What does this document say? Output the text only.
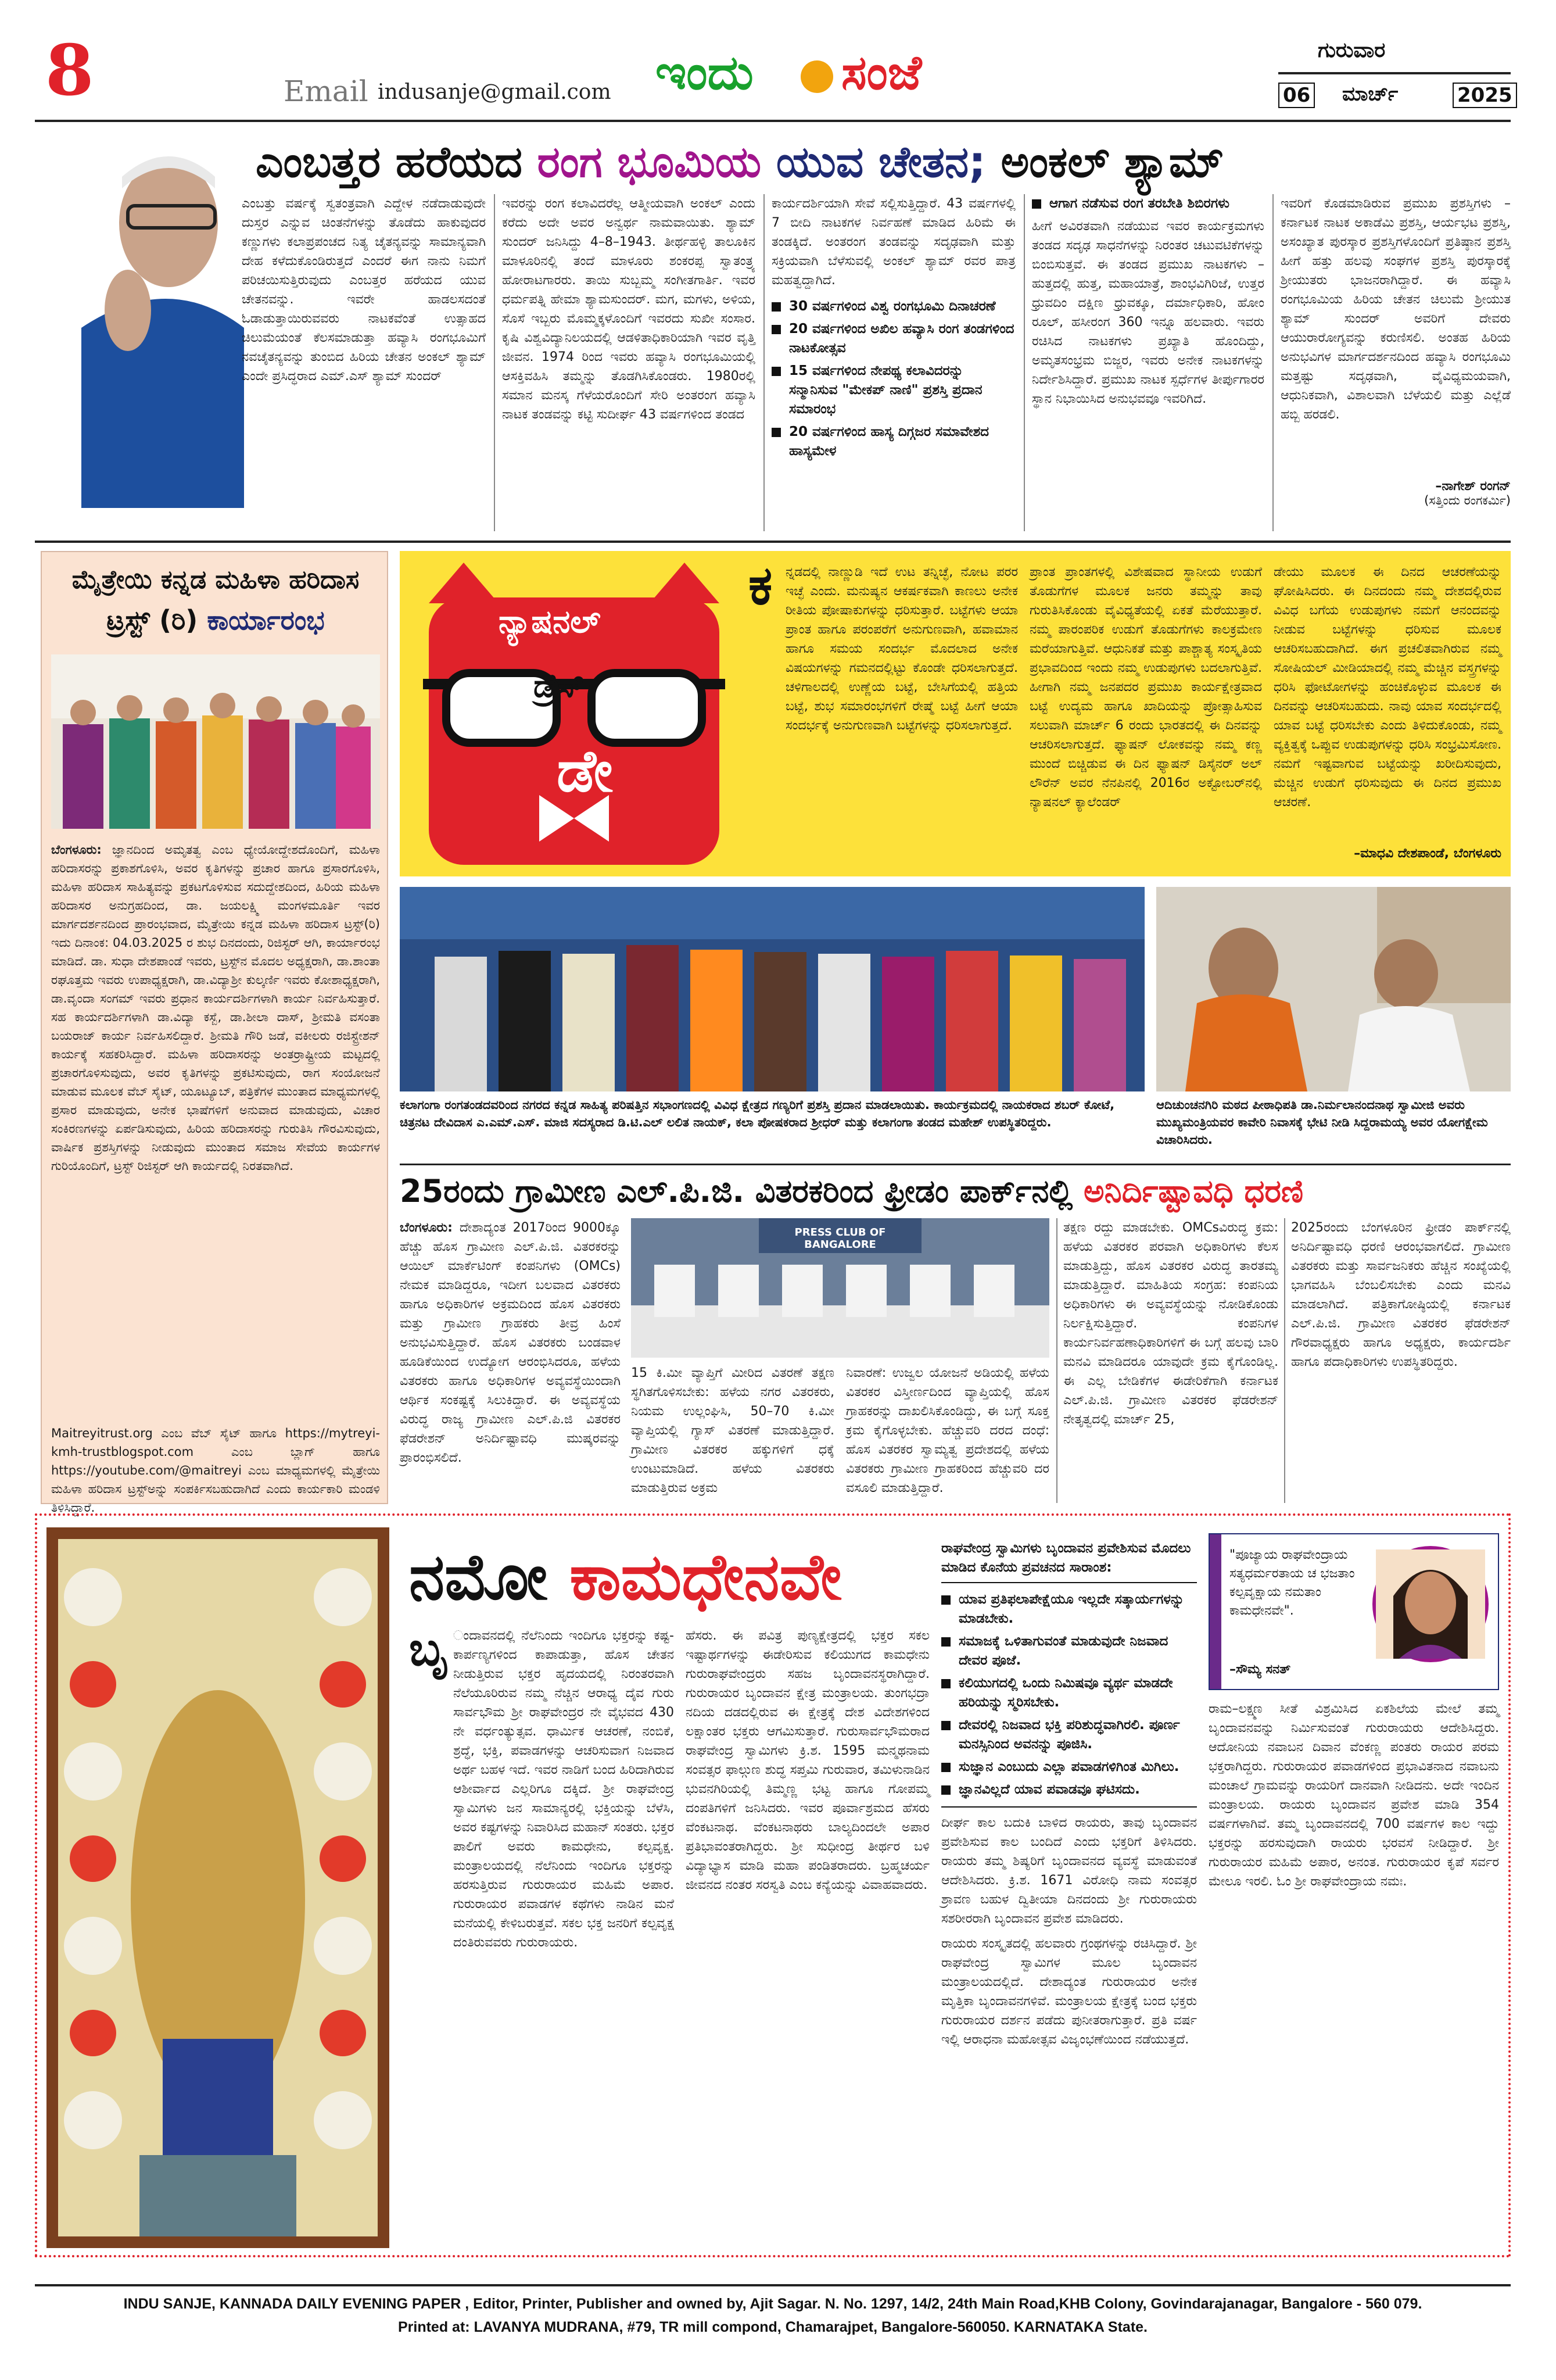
8	Email indusanje@gmail.com ಇಂದು ಸಂಜೆ	ಗುರುವಾರ
06 ಮಾರ್ಚ್	2025
ಎಂಬತ್ತರ ಹರೆಯದ ರಂಗ ಭೂಮಿಯ ಯುವ ಚೇತನ; ಅಂಕಲ್ ಶ್ಯಾಮ್
ಎಂಬತ್ತು ವರ್ಷಕ್ಕೆ ಸ್ವತಂತ್ರವಾಗಿ ಎದ್ದೇಳ ನಡೆದಾಡುವುದೇ ದುಸ್ತರ ಎನ್ನುವ ಚಿಂತನೆಗಳನ್ನು ತೊಡೆದು ಹಾಕುವುದರ ಕಣ್ಣುಗಳು ಕಲಾಪ್ರಪಂಚದ ನಿತ್ಯ ಚೈತನ್ಯವನ್ನು ಸಾಮಾನ್ಯವಾಗಿ ದೇಹ ಕಳೆದುಕೊಂಡಿರುತ್ತದೆ ಎಂದರೆ ಈಗ ನಾನು ನಿಮಗೆ ಪರಿಚಯಿಸುತ್ತಿರುವುದು ಎಂಬತ್ತರ ಹರೆಯದ ಯುವ ಚೇತನವನ್ನು. ಇವರೇ ಹಾಡಲಸದಂತೆ ಓಡಾಡುತ್ತಾಯಿರುವವರು ನಾಟಕವೆಂತೆ ಉತ್ಸಾಹದ ಚಿಲುಮೆಯಂತೆ ಕೆಲಸಮಾಡುತ್ತಾ ಹವ್ಯಾಸಿ ರಂಗಭೂಮಿಗೆ ನವಚೈತನ್ಯವನ್ನು ತುಂಬಿದ ಹಿರಿಯ ಚೇತನ ಅಂಕಲ್ ಶ್ಯಾಮ್ ಎಂದೇ ಪ್ರಸಿದ್ಧರಾದ ಎಮ್.ಎಸ್ ಶ್ಯಾಮ್ ಸುಂದರ್
ಇವರನ್ನು ರಂಗ ಕಲಾವಿದರೆಲ್ಲ ಆತ್ಮೀಯವಾಗಿ ಅಂಕಲ್ ಎಂದು ಕರೆದು ಅದೇ ಅವರ ಅನ್ವರ್ಥ ನಾಮವಾಯಿತು. ಶ್ಯಾಮ್ ಸುಂದರ್ ಜನಿಸಿದ್ದು 4–8–1943. ತೀರ್ಥಹಳ್ಳಿ ತಾಲೂಕಿನ ಮಾಳೂರಿನಲ್ಲಿ ತಂದೆ ಮಾಳೂರು ಶಂಕರಪ್ಪ ಸ್ವಾತಂತ್ರ್ಯ ಹೋರಾಟಗಾರರು. ತಾಯಿ ಸುಬ್ಬಮ್ಮ ಸಂಗೀತಗಾರ್ತಿ. ಇವರ ಧರ್ಮಪತ್ನಿ ಹೇಮಾ ಶ್ಯಾಮಸುಂದರ್. ಮಗ, ಮಗಳು, ಅಳಿಯ, ಸೊಸೆ ಇಬ್ಬರು ಮೊಮ್ಮಕ್ಕಳೊಂದಿಗೆ ಇವರದು ಸುಖೀ ಸಂಸಾರ. ಕೃಷಿ ವಿಶ್ವವಿದ್ಯಾನಿಲಯದಲ್ಲಿ ಆಡಳಿತಾಧಿಕಾರಿಯಾಗಿ ಇವರ ವೃತ್ತಿ ಜೀವನ. 1974 ರಿಂದ ಇವರು ಹವ್ಯಾಸಿ ರಂಗಭೂಮಿಯಲ್ಲಿ ಆಸಕ್ತಿವಹಿಸಿ ತಮ್ಮನ್ನು ತೊಡಗಿಸಿಕೊಂಡರು. 1980ರಲ್ಲಿ ಸಮಾನ ಮನಸ್ಕ ಗೆಳೆಯರೊಂದಿಗೆ ಸೇರಿ ಅಂತರಂಗ ಹವ್ಯಾಸಿ ನಾಟಕ ತಂಡವನ್ನು ಕಟ್ಟಿ ಸುದೀರ್ಘ 43 ವರ್ಷಗಳಿಂದ ತಂಡದ
ಕಾರ್ಯದರ್ಶಿಯಾಗಿ ಸೇವೆ ಸಲ್ಲಿಸುತ್ತಿದ್ದಾರೆ. 43 ವರ್ಷಗಳಲ್ಲಿ 7 ಬೀದಿ ನಾಟಕಗಳ ನಿರ್ವಹಣೆ ಮಾಡಿದ ಹಿರಿಮೆ ಈ ತಂಡಕ್ಕಿದೆ. ಅಂತರಂಗ ತಂಡವನ್ನು ಸದೃಢವಾಗಿ ಮತ್ತು ಸಕ್ರಿಯವಾಗಿ ಬೆಳೆಸುವಲ್ಲಿ ಅಂಕಲ್ ಶ್ಯಾಮ್ ರವರ ಪಾತ್ರ ಮಹತ್ವದ್ದಾಗಿದೆ.
30 ವರ್ಷಗಳಿಂದ ವಿಶ್ವ ರಂಗಭೂಮಿ ದಿನಾಚರಣೆ
20 ವರ್ಷಗಳಿಂದ ಅಖಿಲ ಹವ್ಯಾಸಿ ರಂಗ ತಂಡಗಳಿಂದ ನಾಟಕೋತ್ಸವ
15 ವರ್ಷಗಳಿಂದ ನೇಪಥ್ಯ ಕಲಾವಿದರನ್ನು ಸನ್ಮಾನಿಸುವ "ಮೇಕಪ್ ನಾಣಿ" ಪ್ರಶಸ್ತಿ ಪ್ರದಾನ ಸಮಾರಂಭ
20 ವರ್ಷಗಳಿಂದ ಹಾಸ್ಯ ದಿಗ್ಗಜರ ಸಮಾವೇಶದ ಹಾಸ್ಯಮೇಳ
ಆಗಾಗ ನಡೆಸುವ ರಂಗ ತರಬೇತಿ ಶಿಬಿರಗಳು
ಹೀಗೆ ಅವಿರತವಾಗಿ ನಡೆಯುವ ಇವರ ಕಾರ್ಯಕ್ರಮಗಳು ತಂಡದ ಸದೃಢ ಸಾಧನೆಗಳನ್ನು ನಿರಂತರ ಚಟುವಟಿಕೆಗಳನ್ನು ಬಿಂಬಿಸುತ್ತವೆ. ಈ ತಂಡದ ಪ್ರಮುಖ ನಾಟಕಗಳು – ಹುತ್ತದಲ್ಲಿ ಹುತ್ತ, ಮಹಾಯಾತ್ರೆ, ಶಾಂಭವಿಗಿರಿಜೆ, ಉತ್ತರ ಧ್ರುವದಿಂ ದಕ್ಷಿಣ ಧ್ರುವಕ್ಕೂ, ದರ್ಮಾಧಿಕಾರಿ, ಹೋಂ ರೂಲ್, ಹಸೀರಂಗ 360 ಇನ್ನೂ ಹಲವಾರು. ಇವರು ರಚಿಸಿದ ನಾಟಕಗಳು ಪ್ರಖ್ಯಾತಿ ಹೊಂದಿದ್ದು, ಅಮೃತಸಂಭ್ರಮ ಬಿಜ್ಜರ, ಇವರು ಅನೇಕ ನಾಟಕಗಳನ್ನು ನಿರ್ದೇಶಿಸಿದ್ದಾರೆ. ಪ್ರಮುಖ ನಾಟಕ ಸ್ಪರ್ಧೆಗಳ ತೀರ್ಪುಗಾರರ ಸ್ಥಾನ ನಿಭಾಯಿಸಿದ ಅನುಭವವೂ ಇವರಿಗಿದೆ.
ಇವರಿಗೆ ಕೊಡಮಾಡಿರುವ ಪ್ರಮುಖ ಪ್ರಶಸ್ತಿಗಳು – ಕರ್ನಾಟಕ ನಾಟಕ ಅಕಾಡೆಮಿ ಪ್ರಶಸ್ತಿ, ಆರ್ಯಭಟ ಪ್ರಶಸ್ತಿ, ಅಸಂಖ್ಯಾತ ಪುರಸ್ಕಾರ ಪ್ರಶಸ್ತಿಗಳೊಂದಿಗೆ ಪ್ರತಿಷ್ಠಾನ ಪ್ರಶಸ್ತಿ ಹೀಗೆ ಹತ್ತು ಹಲವು ಸಂಘಗಳ ಪ್ರಶಸ್ತಿ ಪುರಸ್ಕಾರಕ್ಕೆ ಶ್ರೀಯುತರು ಭಾಜನರಾಗಿದ್ದಾರೆ. ಈ ಹವ್ಯಾಸಿ ರಂಗಭೂಮಿಯ ಹಿರಿಯ ಚೇತನ ಚಿಲುಮೆ ಶ್ರೀಯುತ ಶ್ಯಾಮ್ ಸುಂದರ್ ಅವರಿಗೆ ದೇವರು ಆಯುರಾರೋಗ್ಯವನ್ನು ಕರುಣಿಸಲಿ. ಅಂತಹ ಹಿರಿಯ ಅನುಭವಿಗಳ ಮಾರ್ಗದರ್ಶನದಿಂದ ಹವ್ಯಾಸಿ ರಂಗಭೂಮಿ ಮತ್ತಷ್ಟು ಸದೃಢವಾಗಿ, ವೈವಿಧ್ಯಮಯವಾಗಿ, ಆಧುನಿಕವಾಗಿ, ವಿಶಾಲವಾಗಿ ಬೆಳೆಯಲಿ ಮತ್ತು ಎಲ್ಲೆಡೆ ಹಬ್ಬಿ ಹರಡಲಿ.
–ನಾಗೇಶ್ ರಂಗನ್
(ಸತ್ತಿಂದು ರಂಗಕರ್ಮಿ)
ಮೈತ್ರೇಯಿ ಕನ್ನಡ ಮಹಿಳಾ ಹರಿದಾಸ
ಟ್ರಸ್ಟ್ (ರಿ) ಕಾರ್ಯಾರಂಭ
ಬೆಂಗಳೂರು: ಜ್ಞಾನದಿಂದ ಅಮೃತತ್ವ ಎಂಬ ಧ್ಯೇಯೋದ್ದೇಶದೊಂದಿಗೆ, ಮಹಿಳಾ ಹರಿದಾಸರನ್ನು ಪ್ರಕಾಶಗೊಳಿಸಿ, ಅವರ ಕೃತಿಗಳನ್ನು ಪ್ರಚಾರ ಹಾಗೂ ಪ್ರಸಾರಗೊಳಿಸಿ, ಮಹಿಳಾ ಹರಿದಾಸ ಸಾಹಿತ್ಯವನ್ನು ಪ್ರಕಟಗೊಳಿಸುವ ಸದುದ್ದೇಶದಿಂದ, ಹಿರಿಯ ಮಹಿಳಾ ಹರಿದಾಸರ ಅನುಗ್ರಹದಿಂದ, ಡಾ. ಜಯಲಕ್ಷ್ಮಿ ಮಂಗಳಮೂರ್ತಿ ಇವರ ಮಾರ್ಗದರ್ಶನದಿಂದ ಪ್ರಾರಂಭವಾದ, ಮೈತ್ರೇಯಿ ಕನ್ನಡ ಮಹಿಳಾ ಹರಿದಾಸ ಟ್ರಸ್ಟ್(ರಿ) ಇದು ದಿನಾಂಕ: 04.03.2025 ರ ಶುಭ ದಿನದಂದು, ರಿಜಿಸ್ಟರ್ ಆಗಿ, ಕಾರ್ಯಾರಂಭ ಮಾಡಿದೆ. ಡಾ. ಸುಧಾ ದೇಶಪಾಂಡೆ ಇವರು, ಟ್ರಸ್ಟ್‌ನ ಮೊದಲ ಅಧ್ಯಕ್ಷರಾಗಿ, ಡಾ.ಶಾಂತಾ ರಘೂತ್ತಮ ಇವರು ಉಪಾಧ್ಯಕ್ಷರಾಗಿ, ಡಾ.ವಿದ್ಯಾಶ್ರೀ ಕುಲ್ಕರ್ಣಿ ಇವರು ಕೋಶಾಧ್ಯಕ್ಷರಾಗಿ, ಡಾ.ವೃಂದಾ ಸಂಗಮ್ ಇವರು ಪ್ರಧಾನ ಕಾರ್ಯದರ್ಶಿಗಳಾಗಿ ಕಾರ್ಯ ನಿರ್ವಹಿಸುತ್ತಾರೆ. ಸಹ ಕಾರ್ಯದರ್ಶಿಗಳಾಗಿ ಡಾ.ವಿದ್ಯಾ ಕಸ್ಬೆ, ಡಾ.ಶೀಲಾ ದಾಸ್, ಶ್ರೀಮತಿ ವಸಂತಾ ಬಯರಾಜ್ ಕಾರ್ಯ ನಿರ್ವಹಿಸಲಿದ್ದಾರೆ. ಶ್ರೀಮತಿ ಗೌರಿ ಜಡೆ, ವಕೀಲರು ರಜಿಸ್ಟ್ರೇಶನ್ ಕಾರ್ಯಕ್ಕೆ ಸಹಕರಿಸಿದ್ದಾರೆ. ಮಹಿಳಾ ಹರಿದಾಸರನ್ನು ಅಂತರ್ರಾಷ್ಟ್ರೀಯ ಮಟ್ಟದಲ್ಲಿ ಪ್ರಚಾರಗೊಳಿಸುವುದು, ಅವರ ಕೃತಿಗಳನ್ನು ಪ್ರಕಟಿಸುವುದು, ರಾಗ ಸಂಯೋಜನೆ ಮಾಡುವ ಮೂಲಕ ವೆಬ್ ಸೈಟ್, ಯೂಟ್ಯೂಬ್, ಪತ್ರಿಕೆಗಳ ಮುಂತಾದ ಮಾಧ್ಯಮಗಳಲ್ಲಿ ಪ್ರಸಾರ ಮಾಡುವುದು, ಅನೇಕ ಭಾಷೆಗಳಿಗೆ ಅನುವಾದ ಮಾಡುವುದು, ವಿಚಾರ ಸಂಕಿರಣಗಳನ್ನು ಏರ್ಪಡಿಸುವುದು, ಹಿರಿಯ ಹರಿದಾಸರನ್ನು ಗುರುತಿಸಿ ಗೌರವಿಸುವುದು, ವಾರ್ಷಿಕ ಪ್ರಶಸ್ತಿಗಳನ್ನು ನೀಡುವುದು ಮುಂತಾದ ಸಮಾಜ ಸೇವೆಯ ಕಾರ್ಯಗಳ ಗುರಿಯೊಂದಿಗೆ, ಟ್ರಸ್ಟ್ ರಿಜಿಸ್ಟರ್ ಆಗಿ ಕಾರ್ಯದಲ್ಲಿ ನಿರತವಾಗಿದೆ.
Maitreyitrust.org ಎಂಬ ವೆಬ್ ಸೈಟ್ ಹಾಗೂ https://mytreyi-kmh-trustblogspot.com ಎಂಬ ಬ್ಲಾಗ್ ಹಾಗೂ https://youtube.com/@maitreyi ಎಂಬ ಮಾಧ್ಯಮಗಳಲ್ಲಿ ಮೈತ್ರೇಯಿ ಮಹಿಳಾ ಹರಿದಾಸ ಟ್ರಸ್ಟ್‌ಅನ್ನು ಸಂಪರ್ಕಿಸಬಹುದಾಗಿದೆ ಎಂದು ಕಾರ್ಯಕಾರಿ ಮಂಡಳಿ ತಿಳಿಸಿದ್ದಾರೆ.
ನ್ಯಾಷನಲ್
ಡ್ರೆಸ್
ಡೇ
ಕ ನ್ನಡದಲ್ಲಿ ನಾಣ್ಣುಡಿ ಇದೆ ಉಟ ತನ್ನಿಚ್ಛೆ, ನೋಟ ಪರರ ಇಚ್ಛೆ ಎಂದು. ಮನುಷ್ಯನ ಆಕರ್ಷಕವಾಗಿ ಕಾಣಲು ಅನೇಕ ರೀತಿಯ ಪೋಷಾಕುಗಳನ್ನು ಧರಿಸುತ್ತಾರೆ. ಬಟ್ಟೆಗಳು ಆಯಾ ಪ್ರಾಂತ ಹಾಗೂ ಪರಂಪರೆಗೆ ಅನುಗುಣವಾಗಿ, ಹವಾಮಾನ ಹಾಗೂ ಸಮಯ ಸಂದರ್ಭ ಮೊದಲಾದ ಅನೇಕ ವಿಷಯಗಳನ್ನು ಗಮನದಲ್ಲಿಟ್ಟು ಕೊಂಡೇ ಧರಿಸಲಾಗುತ್ತದೆ. ಚಳಿಗಾಲದಲ್ಲಿ ಉಣ್ಣೆಯ ಬಟ್ಟೆ, ಬೇಸಿಗೆಯಲ್ಲಿ ಹತ್ತಿಯ ಬಟ್ಟೆ, ಶುಭ ಸಮಾರಂಭಗಳಿಗೆ ರೇಷ್ಮೆ ಬಟ್ಟೆ ಹೀಗೆ ಆಯಾ ಸಂದರ್ಭಕ್ಕೆ ಅನುಗುಣವಾಗಿ ಬಟ್ಟೆಗಳನ್ನು ಧರಿಸಲಾಗುತ್ತದೆ.
ಪ್ರಾಂತ ಪ್ರಾಂತಗಳಲ್ಲಿ ವಿಶೇಷವಾದ ಸ್ಥಾನೀಯ ಉಡುಗೆ ತೊಡುಗೆಗಳ ಮೂಲಕ ಜನರು ತಮ್ಮನ್ನು ತಾವು ಗುರುತಿಸಿಕೊಂಡು ವೈವಿಧ್ಯತೆಯಲ್ಲಿ ಏಕತೆ ಮೆರೆಯುತ್ತಾರೆ. ನಮ್ಮ ಪಾರಂಪರಿಕ ಉಡುಗೆ ತೊಡುಗೆಗಳು ಕಾಲಕ್ರಮೇಣ ಮರೆಯಾಗುತ್ತಿವೆ. ಆಧುನಿಕತೆ ಮತ್ತು ಪಾಶ್ಚಾತ್ಯ ಸಂಸ್ಕೃತಿಯ ಪ್ರಭಾವದಿಂದ ಇಂದು ನಮ್ಮ ಉಡುಪುಗಳು ಬದಲಾಗುತ್ತಿವೆ. ಹೀಗಾಗಿ ನಮ್ಮ ಜನಪದರ ಪ್ರಮುಖ ಕಾರ್ಯಕ್ಷೇತ್ರವಾದ ಬಟ್ಟೆ ಉದ್ಯಮ ಹಾಗೂ ಖಾದಿಯನ್ನು ಪ್ರೋತ್ಸಾಹಿಸುವ ಸಲುವಾಗಿ ಮಾರ್ಚ್ 6 ರಂದು ಭಾರತದಲ್ಲಿ ಈ ದಿನವನ್ನು ಆಚರಿಸಲಾಗುತ್ತದೆ. ಫ್ಯಾಷನ್ ಲೋಕವನ್ನು ನಮ್ಮ ಕಣ್ಣ ಮುಂದೆ ಬಿಚ್ಚಿಡುವ ಈ ದಿನ ಫ್ಯಾಷನ್ ಡಿಸೈನರ್ ಅಲ್ ಲೌರೆನ್ ಅವರ ನೆನಪಿನಲ್ಲಿ 2016ರ ಅಕ್ಟೋಬರ್‌ನಲ್ಲಿ ನ್ಯಾಷನಲ್ ಕ್ಯಾಲೆಂಡರ್
ಡೇಯು ಮೂಲಕ ಈ ದಿನದ ಆಚರಣೆಯನ್ನು ಘೋಷಿಸಿದರು. ಈ ದಿನದಂದು ನಮ್ಮ ದೇಶದಲ್ಲಿರುವ ವಿವಿಧ ಬಗೆಯ ಉಡುಪುಗಳು ನಮಗೆ ಆನಂದವನ್ನು ನೀಡುವ ಬಟ್ಟೆಗಳನ್ನು ಧರಿಸುವ ಮೂಲಕ ಆಚರಿಸಬಹುದಾಗಿದೆ. ಈಗ ಪ್ರಚಲಿತವಾಗಿರುವ ನಮ್ಮ ಸೋಷಿಯಲ್ ಮೀಡಿಯಾದಲ್ಲಿ ನಮ್ಮ ಮೆಚ್ಚಿನ ವಸ್ತ್ರಗಳನ್ನು ಧರಿಸಿ ಫೋಟೋಗಳನ್ನು ಹಂಚಿಕೊಳ್ಳುವ ಮೂಲಕ ಈ ದಿನವನ್ನು ಆಚರಿಸಬಹುದು. ನಾವು ಯಾವ ಸಂದರ್ಭದಲ್ಲಿ ಯಾವ ಬಟ್ಟೆ ಧರಿಸಬೇಕು ಎಂದು ತಿಳಿದುಕೊಂಡು, ನಮ್ಮ ವ್ಯಕ್ತಿತ್ವಕ್ಕೆ ಒಪ್ಪುವ ಉಡುಪುಗಳನ್ನು ಧರಿಸಿ ಸಂಭ್ರಮಿಸೋಣ. ನಮಗೆ ಇಷ್ಟವಾಗುವ ಬಟ್ಟೆಯನ್ನು ಖರೀದಿಸುವುದು, ಮೆಚ್ಚಿನ ಉಡುಗೆ ಧರಿಸುವುದು ಈ ದಿನದ ಪ್ರಮುಖ ಆಚರಣೆ.
–ಮಾಧವಿ ದೇಶಪಾಂಡೆ, ಬೆಂಗಳೂರು
ಕಲಾಗಂಗಾ ರಂಗತಂಡದವರಿಂದ ನಗರದ ಕನ್ನಡ ಸಾಹಿತ್ಯ ಪರಿಷತ್ತಿನ ಸಭಾಂಗಣದಲ್ಲಿ ವಿವಿಧ ಕ್ಷೇತ್ರದ ಗಣ್ಯರಿಗೆ ಪ್ರಶಸ್ತಿ ಪ್ರದಾನ ಮಾಡಲಾಯಿತು. ಕಾರ್ಯಕ್ರಮದಲ್ಲಿ ನಾಯಕರಾದ ಶಬರ್ ಕೋಟೆ, ಚಿತ್ರನಟ ದೇವಿದಾಸ ಎ.ಎಮ್.ಎಸ್. ಮಾಜಿ ಸದಸ್ಯರಾದ ಡಿ.ಟಿ.ಎಲ್ ಲಲಿತ ನಾಯಕ್, ಕಲಾ ಪೋಷಕರಾದ ಶ್ರೀಧರ್ ಮತ್ತು ಕಲಾಗಂಗಾ ತಂಡದ ಮಹೇಶ್ ಉಪಸ್ಥಿತರಿದ್ದರು.
ಆದಿಚುಂಚನಗಿರಿ ಮಠದ ಪೀಠಾಧಿಪತಿ ಡಾ.ನಿರ್ಮಲಾನಂದನಾಥ ಸ್ವಾಮೀಜಿ ಅವರು ಮುಖ್ಯಮಂತ್ರಿಯವರ ಕಾವೇರಿ ನಿವಾಸಕ್ಕೆ ಭೇಟಿ ನೀಡಿ ಸಿದ್ದರಾಮಯ್ಯ ಅವರ ಯೋಗಕ್ಷೇಮ ವಿಚಾರಿಸಿದರು.
25ರಂದು ಗ್ರಾಮೀಣ ಎಲ್.ಪಿ.ಜಿ. ವಿತರಕರಿಂದ ಫ್ರೀಡಂ ಪಾರ್ಕ್‌ನಲ್ಲಿ ಅನಿರ್ದಿಷ್ಟಾವಧಿ ಧರಣಿ
ಬೆಂಗಳೂರು: ದೇಶಾದ್ಯಂತ 2017ರಿಂದ 9000ಕ್ಕೂ ಹೆಚ್ಚು ಹೊಸ ಗ್ರಾಮೀಣ ಎಲ್.ಪಿ.ಜಿ. ವಿತರಕರನ್ನು ಆಯಿಲ್ ಮಾರ್ಕೆಟಿಂಗ್ ಕಂಪನಿಗಳು (OMCs) ನೇಮಕ ಮಾಡಿದ್ದರೂ, ಇದೀಗ ಬಲವಾದ ವಿತರಕರು ಹಾಗೂ ಅಧಿಕಾರಿಗಳ ಅಕ್ರಮದಿಂದ ಹೊಸ ವಿತರಕರು ಮತ್ತು ಗ್ರಾಮೀಣ ಗ್ರಾಹಕರು ತೀವ್ರ ಹಿಂಸೆ ಅನುಭವಿಸುತ್ತಿದ್ದಾರೆ. ಹೊಸ ವಿತರಕರು ಬಂಡವಾಳ ಹೂಡಿಕೆಯಿಂದ ಉದ್ಯೋಗ ಆರಂಭಿಸಿದರೂ, ಹಳೆಯ ವಿತರಕರು ಹಾಗೂ ಅಧಿಕಾರಿಗಳ ಅವ್ಯವಸ್ಥೆಯಿಂದಾಗಿ ಆರ್ಥಿಕ ಸಂಕಷ್ಟಕ್ಕೆ ಸಿಲುಕಿದ್ದಾರೆ. ಈ ಅವ್ಯವಸ್ಥೆಯ ವಿರುದ್ಧ ರಾಜ್ಯ ಗ್ರಾಮೀಣ ಎಲ್.ಪಿ.ಜಿ ವಿತರಕರ ಫೆಡರೇಶನ್ ಅನಿರ್ದಿಷ್ಟಾವಧಿ ಮುಷ್ಕರವನ್ನು ಪ್ರಾರಂಭಿಸಲಿದೆ.
PRESS CLUB OF BANGALORE
15 ಕಿ.ಮೀ ವ್ಯಾಪ್ತಿಗೆ ಮೀರಿದ ವಿತರಣೆ ತಕ್ಷಣ ಸ್ಥಗಿತಗೊಳಿಸಬೇಕು: ಹಳೆಯ ನಗರ ವಿತರಕರು, ನಿಯಮ ಉಲ್ಲಂಘಿಸಿ, 50–70 ಕಿ.ಮೀ ವ್ಯಾಪ್ತಿಯಲ್ಲಿ ಗ್ಯಾಸ್ ವಿತರಣೆ ಮಾಡುತ್ತಿದ್ದಾರೆ. ಗ್ರಾಮೀಣ ವಿತರಕರ ಹಕ್ಕುಗಳಿಗೆ ಧಕ್ಕೆ ಉಂಟುಮಾಡಿದೆ. ಹಳೆಯ ವಿತರಕರು ಮಾಡುತ್ತಿರುವ ಅಕ್ರಮ
ನಿವಾರಣೆ: ಉಜ್ವಲ ಯೋಜನೆ ಅಡಿಯಲ್ಲಿ ಹಳೆಯ ವಿತರಕರ ವಿಸ್ತೀರ್ಣದಿಂದ ವ್ಯಾಪ್ತಿಯಲ್ಲಿ ಹೊಸ ಗ್ರಾಹಕರನ್ನು ದಾಖಲಿಸಿಕೊಂಡಿದ್ದು, ಈ ಬಗ್ಗೆ ಸೂಕ್ತ ಕ್ರಮ ಕೈಗೊಳ್ಳಬೇಕು. ಹೆಚ್ಚುವರಿ ದರದ ದಂಧೆ: ಹೊಸ ವಿತರಕರ ಸ್ವಾಮ್ಯತ್ವ ಪ್ರದೇಶದಲ್ಲಿ ಹಳೆಯ ವಿತರಕರು ಗ್ರಾಮೀಣ ಗ್ರಾಹಕರಿಂದ ಹೆಚ್ಚುವರಿ ದರ ವಸೂಲಿ ಮಾಡುತ್ತಿದ್ದಾರೆ.
ತಕ್ಷಣ ರದ್ದು ಮಾಡಬೇಕು. OMCsವಿರುದ್ಧ ಕ್ರಮ: ಹಳೆಯ ವಿತರಕರ ಪರವಾಗಿ ಅಧಿಕಾರಿಗಳು ಕೆಲಸ ಮಾಡುತ್ತಿದ್ದು, ಹೊಸ ವಿತರಕರ ವಿರುದ್ಧ ತಾರತಮ್ಯ ಮಾಡುತ್ತಿದ್ದಾರೆ. ಮಾಹಿತಿಯ ಸಂಗ್ರಹ: ಕಂಪನಿಯ ಅಧಿಕಾರಿಗಳು ಈ ಅವ್ಯವಸ್ಥೆಯನ್ನು ನೋಡಿಕೊಂಡು ನಿರ್ಲಕ್ಷಿಸುತ್ತಿದ್ದಾರೆ. ಕಂಪನಿಗಳ ಕಾರ್ಯನಿರ್ವಹಣಾಧಿಕಾರಿಗಳಿಗೆ ಈ ಬಗ್ಗೆ ಹಲವು ಬಾರಿ ಮನವಿ ಮಾಡಿದರೂ ಯಾವುದೇ ಕ್ರಮ ಕೈಗೊಂಡಿಲ್ಲ. ಈ ಎಲ್ಲ ಬೇಡಿಕೆಗಳ ಈಡೇರಿಕೆಗಾಗಿ ಕರ್ನಾಟಕ ಎಲ್.ಪಿ.ಜಿ. ಗ್ರಾಮೀಣ ವಿತರಕರ ಫೆಡರೇಶನ್ ನೇತೃತ್ವದಲ್ಲಿ ಮಾರ್ಚ್ 25,
2025ರಂದು ಬೆಂಗಳೂರಿನ ಫ್ರೀಡಂ ಪಾರ್ಕ್‌ನಲ್ಲಿ ಅನಿರ್ದಿಷ್ಟಾವಧಿ ಧರಣಿ ಆರಂಭವಾಗಲಿದೆ. ಗ್ರಾಮೀಣ ವಿತರಕರು ಮತ್ತು ಸಾರ್ವಜನಿಕರು ಹೆಚ್ಚಿನ ಸಂಖ್ಯೆಯಲ್ಲಿ ಭಾಗವಹಿಸಿ ಬೆಂಬಲಿಸಬೇಕು ಎಂದು ಮನವಿ ಮಾಡಲಾಗಿದೆ. ಪತ್ರಿಕಾಗೋಷ್ಠಿಯಲ್ಲಿ ಕರ್ನಾಟಕ ಎಲ್.ಪಿ.ಜಿ. ಗ್ರಾಮೀಣ ವಿತರಕರ ಫೆಡರೇಶನ್ ಗೌರವಾಧ್ಯಕ್ಷರು ಹಾಗೂ ಅಧ್ಯಕ್ಷರು, ಕಾರ್ಯದರ್ಶಿ ಹಾಗೂ ಪದಾಧಿಕಾರಿಗಳು ಉಪಸ್ಥಿತರಿದ್ದರು.
ನಮೋ ಕಾಮಧೇನವೇ
ಬೃ ಂದಾವನದಲ್ಲಿ ನೆಲೆನಿಂದು ಇಂದಿಗೂ ಭಕ್ತರನ್ನು ಕಷ್ಟ-ಕಾರ್ಪಣ್ಯಗಳಿಂದ ಕಾಪಾಡುತ್ತಾ, ಹೊಸ ಚೇತನ ನೀಡುತ್ತಿರುವ ಭಕ್ತರ ಹೃದಯದಲ್ಲಿ ನಿರಂತರವಾಗಿ ನೆಲೆಯೂರಿರುವ ನಮ್ಮ ನೆಚ್ಚಿನ ಆರಾಧ್ಯ ದೈವ ಗುರು ಸಾರ್ವಭೌಮ ಶ್ರೀ ರಾಘವೇಂದ್ರರ ನೇ ವೈಭವದ 430 ನೇ ವರ್ಧಂತ್ಯುತ್ಸವ. ಧಾರ್ಮಿಕ ಆಚರಣೆ, ನಂಬಿಕೆ, ಶ್ರದ್ಧೆ, ಭಕ್ತಿ, ಪವಾಡಗಳನ್ನು ಆಚರಿಸುವಾಗ ನಿಜವಾದ ಅರ್ಥ ಬಹಳ ಇದೆ. ಇವರ ನಾಡಿಗೆ ಬಂದ ಹಿರಿದಾಗಿರುವ ಆಶೀರ್ವಾದ ಎಲ್ಲರಿಗೂ ದಕ್ಕಿದೆ. ಶ್ರೀ ರಾಘವೇಂದ್ರ ಸ್ವಾಮಿಗಳು ಜನ ಸಾಮಾನ್ಯರಲ್ಲಿ ಭಕ್ತಿಯನ್ನು ಬೆಳೆಸಿ, ಅವರ ಕಷ್ಟಗಳನ್ನು ನಿವಾರಿಸಿದ ಮಹಾನ್ ಸಂತರು. ಭಕ್ತರ ಪಾಲಿಗೆ ಅವರು ಕಾಮಧೇನು, ಕಲ್ಪವೃಕ್ಷ. ಮಂತ್ರಾಲಯದಲ್ಲಿ ನೆಲೆನಿಂದು ಇಂದಿಗೂ ಭಕ್ತರನ್ನು ಹರಸುತ್ತಿರುವ ಗುರುರಾಯರ ಮಹಿಮೆ ಅಪಾರ. ಗುರುರಾಯರ ಪವಾಡಗಳ ಕಥೆಗಳು ನಾಡಿನ ಮನೆ ಮನೆಯಲ್ಲಿ ಕೇಳಿಬರುತ್ತವೆ. ಸಕಲ ಭಕ್ತ ಜನರಿಗೆ ಕಲ್ಪವೃಕ್ಷ ದಂತಿರುವವರು ಗುರುರಾಯರು.
ಹೆಸರು. ಈ ಪವಿತ್ರ ಪುಣ್ಯಕ್ಷೇತ್ರದಲ್ಲಿ ಭಕ್ತರ ಸಕಲ ಇಷ್ಟಾರ್ಥಗಳನ್ನು ಈಡೇರಿಸುವ ಕಲಿಯುಗದ ಕಾಮಧೇನು ಗುರುರಾಘವೇಂದ್ರರು ಸಹಜ ಬೃಂದಾವನಸ್ಥರಾಗಿದ್ದಾರೆ. ಗುರುರಾಯರ ಬೃಂದಾವನ ಕ್ಷೇತ್ರ ಮಂತ್ರಾಲಯ. ತುಂಗಭದ್ರಾ ನದಿಯ ದಡದಲ್ಲಿರುವ ಈ ಕ್ಷೇತ್ರಕ್ಕೆ ದೇಶ ವಿದೇಶಗಳಿಂದ ಲಕ್ಷಾಂತರ ಭಕ್ತರು ಆಗಮಿಸುತ್ತಾರೆ. ಗುರುಸಾರ್ವಭೌಮರಾದ ರಾಘವೇಂದ್ರ ಸ್ವಾಮಿಗಳು ಕ್ರಿ.ಶ. 1595 ಮನ್ಮಥನಾಮ ಸಂವತ್ಸರ ಫಾಲ್ಗುಣ ಶುದ್ಧ ಸಪ್ತಮಿ ಗುರುವಾರ, ತಮಿಳುನಾಡಿನ ಭುವನಗಿರಿಯಲ್ಲಿ ತಿಮ್ಮಣ್ಣ ಭಟ್ಟ ಹಾಗೂ ಗೋಪಮ್ಮ ದಂಪತಿಗಳಿಗೆ ಜನಿಸಿದರು. ಇವರ ಪೂರ್ವಾಶ್ರಮದ ಹೆಸರು ವೆಂಕಟನಾಥ. ವೆಂಕಟನಾಥರು ಬಾಲ್ಯದಿಂದಲೇ ಅಪಾರ ಪ್ರತಿಭಾವಂತರಾಗಿದ್ದರು. ಶ್ರೀ ಸುಧೀಂದ್ರ ತೀರ್ಥರ ಬಳಿ ವಿದ್ಯಾಭ್ಯಾಸ ಮಾಡಿ ಮಹಾ ಪಂಡಿತರಾದರು. ಬ್ರಹ್ಮಚರ್ಯ ಜೀವನದ ನಂತರ ಸರಸ್ವತಿ ಎಂಬ ಕನ್ಯೆಯನ್ನು ವಿವಾಹವಾದರು.
ರಾಘವೇಂದ್ರ ಸ್ವಾಮಿಗಳು ಬೃಂದಾವನ ಪ್ರವೇಶಿಸುವ ಮೊದಲು ಮಾಡಿದ ಕೊನೆಯ ಪ್ರವಚನದ ಸಾರಾಂಶ:
ಯಾವ ಪ್ರತಿಫಲಾಪೇಕ್ಷೆಯೂ ಇಲ್ಲದೇ ಸತ್ಕಾರ್ಯಗಳನ್ನು ಮಾಡಬೇಕು.
ಸಮಾಜಕ್ಕೆ ಒಳಿತಾಗುವಂತೆ ಮಾಡುವುದೇ ನಿಜವಾದ ದೇವರ ಪೂಜೆ.
ಕಲಿಯುಗದಲ್ಲಿ ಒಂದು ನಿಮಿಷವೂ ವ್ಯರ್ಥ ಮಾಡದೇ ಹರಿಯನ್ನು ಸ್ಮರಿಸಬೇಕು.
ದೇವರಲ್ಲಿ ನಿಜವಾದ ಭಕ್ತಿ ಪರಿಶುದ್ಧವಾಗಿರಲಿ. ಪೂರ್ಣ ಮನಸ್ಸಿನಿಂದ ಅವನನ್ನು ಪೂಜಿಸಿ.
ಸುಜ್ಞಾನ ಎಂಬುದು ಎಲ್ಲಾ ಪವಾಡಗಳಿಗಿಂತ ಮಿಗಿಲು.
ಜ್ಞಾನವಿಲ್ಲದೆ ಯಾವ ಪವಾಡವೂ ಘಟಿಸದು.
ದೀರ್ಘ ಕಾಲ ಬದುಕಿ ಬಾಳಿದ ರಾಯರು, ತಾವು ಬೃಂದಾವನ ಪ್ರವೇಶಿಸುವ ಕಾಲ ಬಂದಿದೆ ಎಂದು ಭಕ್ತರಿಗೆ ತಿಳಿಸಿದರು. ರಾಯರು ತಮ್ಮ ಶಿಷ್ಯರಿಗೆ ಬೃಂದಾವನದ ವ್ಯವಸ್ಥೆ ಮಾಡುವಂತೆ ಆದೇಶಿಸಿದರು. ಕ್ರಿ.ಶ. 1671 ವಿರೋಧಿ ನಾಮ ಸಂವತ್ಸರ ಶ್ರಾವಣ ಬಹುಳ ದ್ವಿತೀಯಾ ದಿನದಂದು ಶ್ರೀ ಗುರುರಾಯರು ಸಶರೀರರಾಗಿ ಬೃಂದಾವನ ಪ್ರವೇಶ ಮಾಡಿದರು.
ರಾಯರು ಸಂಸ್ಕೃತದಲ್ಲಿ ಹಲವಾರು ಗ್ರಂಥಗಳನ್ನು ರಚಿಸಿದ್ದಾರೆ. ಶ್ರೀ ರಾಘವೇಂದ್ರ ಸ್ವಾಮಿಗಳ ಮೂಲ ಬೃಂದಾವನ ಮಂತ್ರಾಲಯದಲ್ಲಿದೆ. ದೇಶಾದ್ಯಂತ ಗುರುರಾಯರ ಅನೇಕ ಮೃತ್ತಿಕಾ ಬೃಂದಾವನಗಳಿವೆ. ಮಂತ್ರಾಲಯ ಕ್ಷೇತ್ರಕ್ಕೆ ಬಂದ ಭಕ್ತರು ಗುರುರಾಯರ ದರ್ಶನ ಪಡೆದು ಪುನೀತರಾಗುತ್ತಾರೆ. ಪ್ರತಿ ವರ್ಷ ಇಲ್ಲಿ ಆರಾಧನಾ ಮಹೋತ್ಸವ ವಿಜೃಂಭಣೆಯಿಂದ ನಡೆಯುತ್ತದೆ.
"ಪೂಜ್ಯಾಯ ರಾಘವೇಂದ್ರಾಯ ಸತ್ಯಧರ್ಮರತಾಯ ಚ ಭಜತಾಂ ಕಲ್ಪವೃಕ್ಷಾಯ ನಮತಾಂ ಕಾಮಧೇನವೇ".
–ಸೌಮ್ಯ ಸನತ್
ರಾಮ–ಲಕ್ಷ್ಮಣ ಸೀತೆ ವಿಶ್ರಮಿಸಿದ ಏಕಶಿಲೆಯ ಮೇಲೆ ತಮ್ಮ ಬೃಂದಾವನವನ್ನು ನಿರ್ಮಿಸುವಂತೆ ಗುರುರಾಯರು ಆದೇಶಿಸಿದ್ದರು. ಆದೋನಿಯ ನವಾಬನ ದಿವಾನ ವೆಂಕಣ್ಣ ಪಂತರು ರಾಯರ ಪರಮ ಭಕ್ತರಾಗಿದ್ದರು. ಗುರುರಾಯರ ಪವಾಡಗಳಿಂದ ಪ್ರಭಾವಿತನಾದ ನವಾಬನು ಮಂಚಾಲೆ ಗ್ರಾಮವನ್ನು ರಾಯರಿಗೆ ದಾನವಾಗಿ ನೀಡಿದನು. ಅದೇ ಇಂದಿನ ಮಂತ್ರಾಲಯ. ರಾಯರು ಬೃಂದಾವನ ಪ್ರವೇಶ ಮಾಡಿ 354 ವರ್ಷಗಳಾಗಿವೆ. ತಮ್ಮ ಬೃಂದಾವನದಲ್ಲಿ 700 ವರ್ಷಗಳ ಕಾಲ ಇದ್ದು ಭಕ್ತರನ್ನು ಹರಸುವುದಾಗಿ ರಾಯರು ಭರವಸೆ ನೀಡಿದ್ದಾರೆ. ಶ್ರೀ ಗುರುರಾಯರ ಮಹಿಮೆ ಅಪಾರ, ಅನಂತ. ಗುರುರಾಯರ ಕೃಪೆ ಸರ್ವರ ಮೇಲೂ ಇರಲಿ. ಓಂ ಶ್ರೀ ರಾಘವೇಂದ್ರಾಯ ನಮಃ.
INDU SANJE, KANNADA DAILY EVENING PAPER , Editor, Printer, Publisher and owned by, Ajit Sagar. N. No. 1297, 14/2, 24th Main Road,KHB Colony, Govindarajanagar, Bangalore - 560 079.
Printed at: LAVANYA MUDRANA, #79, TR mill compond, Chamarajpet, Bangalore-560050. KARNATAKA State.
